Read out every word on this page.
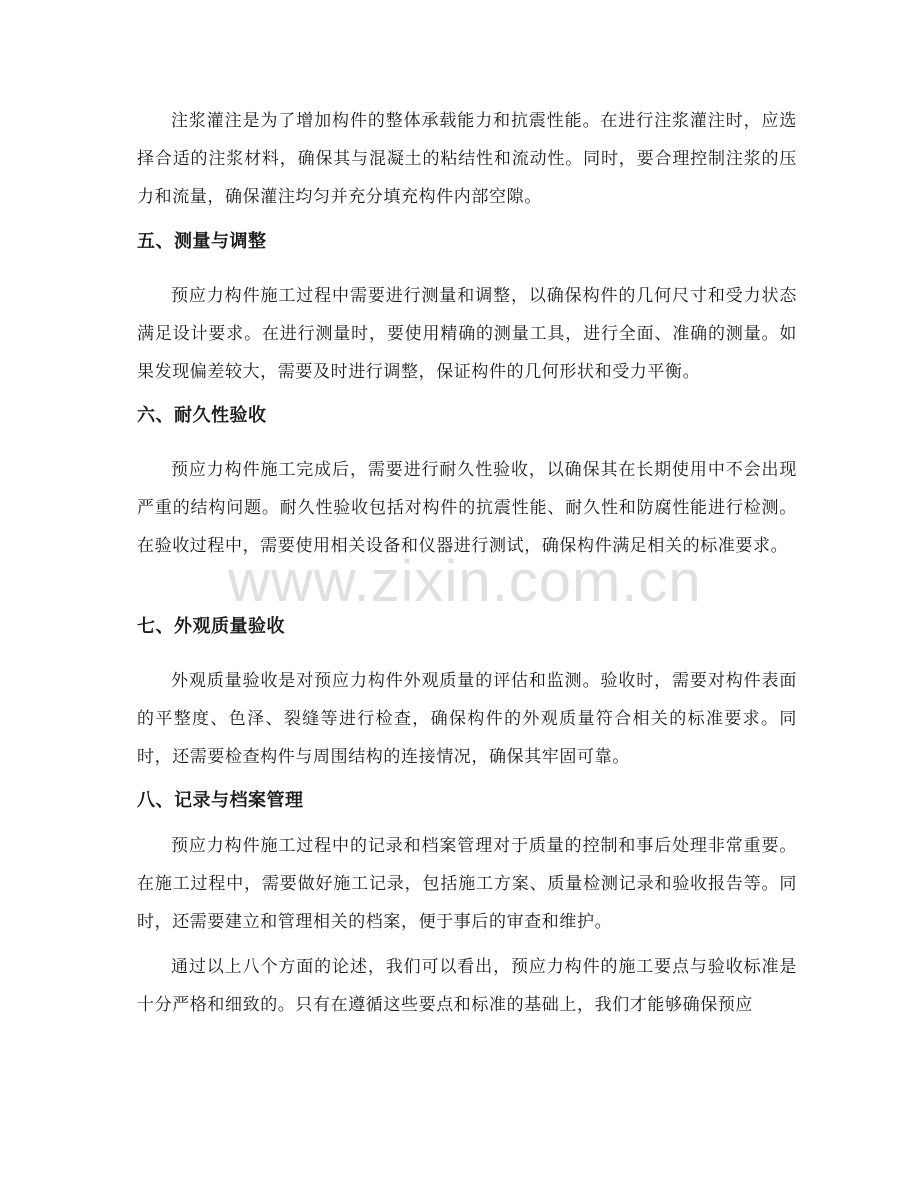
注浆灌注是为了增加构件的整体承载能力和抗震性能。在进行注浆灌注时，应选择合适的注浆材料，确保其与混凝土的粘结性和流动性。同时，要合理控制注浆的压力和流量，确保灌注均匀并充分填充构件内部空隙。

五、测量与调整

预应力构件施工过程中需要进行测量和调整，以确保构件的几何尺寸和受力状态满足设计要求。在进行测量时，要使用精确的测量工具，进行全面、准确的测量。如果发现偏差较大，需要及时进行调整，保证构件的几何形状和受力平衡。

六、耐久性验收

预应力构件施工完成后，需要进行耐久性验收，以确保其在长期使用中不会出现严重的结构问题。耐久性验收包括对构件的抗震性能、耐久性和防腐性能进行检测。在验收过程中，需要使用相关设备和仪器进行测试，确保构件满足相关的标准要求。

七、外观质量验收

外观质量验收是对预应力构件外观质量的评估和监测。验收时，需要对构件表面的平整度、色泽、裂缝等进行检查，确保构件的外观质量符合相关的标准要求。同时，还需要检查构件与周围结构的连接情况，确保其牢固可靠。

八、记录与档案管理

预应力构件施工过程中的记录和档案管理对于质量的控制和事后处理非常重要。在施工过程中，需要做好施工记录，包括施工方案、质量检测记录和验收报告等。同时，还需要建立和管理相关的档案，便于事后的审查和维护。

通过以上八个方面的论述，我们可以看出，预应力构件的施工要点与验收标准是十分严格和细致的。只有在遵循这些要点和标准的基础上，我们才能够确保预应

www.zixin.com.cn
